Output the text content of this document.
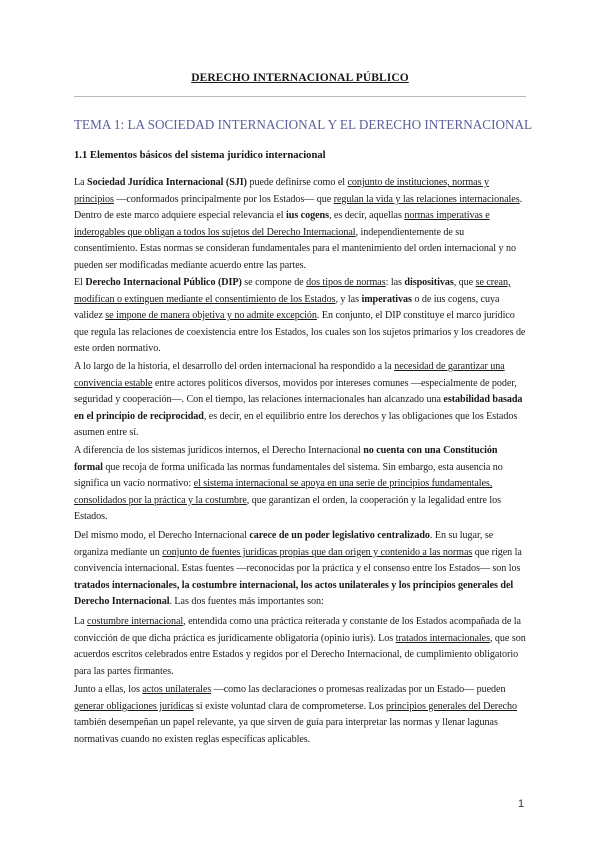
DERECHO INTERNACIONAL PÚBLICO
TEMA 1: LA SOCIEDAD INTERNACIONAL Y EL DERECHO INTERNACIONAL
1.1 Elementos básicos del sistema jurídico internacional
La Sociedad Jurídica Internacional (SJI) puede definirse como el conjunto de instituciones, normas y principios —conformados principalmente por los Estados— que regulan la vida y las relaciones internacionales. Dentro de este marco adquiere especial relevancia el ius cogens, es decir, aquellas normas imperativas e inderogables que obligan a todos los sujetos del Derecho Internacional, independientemente de su consentimiento. Estas normas se consideran fundamentales para el mantenimiento del orden internacional y no pueden ser modificadas mediante acuerdo entre las partes.
El Derecho Internacional Público (DIP) se compone de dos tipos de normas: las dispositivas, que se crean, modifican o extinguen mediante el consentimiento de los Estados, y las imperativas o de ius cogens, cuya validez se impone de manera objetiva y no admite excepción. En conjunto, el DIP constituye el marco jurídico que regula las relaciones de coexistencia entre los Estados, los cuales son los sujetos primarios y los creadores de este orden normativo.
A lo largo de la historia, el desarrollo del orden internacional ha respondido a la necesidad de garantizar una convivencia estable entre actores políticos diversos, movidos por intereses comunes —especialmente de poder, seguridad y cooperación—. Con el tiempo, las relaciones internacionales han alcanzado una estabilidad basada en el principio de reciprocidad, es decir, en el equilibrio entre los derechos y las obligaciones que los Estados asumen entre sí.
A diferencia de los sistemas jurídicos internos, el Derecho Internacional no cuenta con una Constitución formal que recoja de forma unificada las normas fundamentales del sistema. Sin embargo, esta ausencia no significa un vacío normativo: el sistema internacional se apoya en una serie de principios fundamentales, consolidados por la práctica y la costumbre, que garantizan el orden, la cooperación y la legalidad entre los Estados.
Del mismo modo, el Derecho Internacional carece de un poder legislativo centralizado. En su lugar, se organiza mediante un conjunto de fuentes jurídicas propias que dan origen y contenido a las normas que rigen la convivencia internacional. Estas fuentes —reconocidas por la práctica y el consenso entre los Estados— son los tratados internacionales, la costumbre internacional, los actos unilaterales y los principios generales del Derecho Internacional. Las dos fuentes más importantes son:
La costumbre internacional, entendida como una práctica reiterada y constante de los Estados acompañada de la convicción de que dicha práctica es jurídicamente obligatoria (opinio iuris). Los tratados internacionales, que son acuerdos escritos celebrados entre Estados y regidos por el Derecho Internacional, de cumplimiento obligatorio para las partes firmantes.
Junto a ellas, los actos unilaterales —como las declaraciones o promesas realizadas por un Estado— pueden generar obligaciones jurídicas si existe voluntad clara de comprometerse. Los principios generales del Derecho también desempeñan un papel relevante, ya que sirven de guía para interpretar las normas y llenar lagunas normativas cuando no existen reglas específicas aplicables.
1
